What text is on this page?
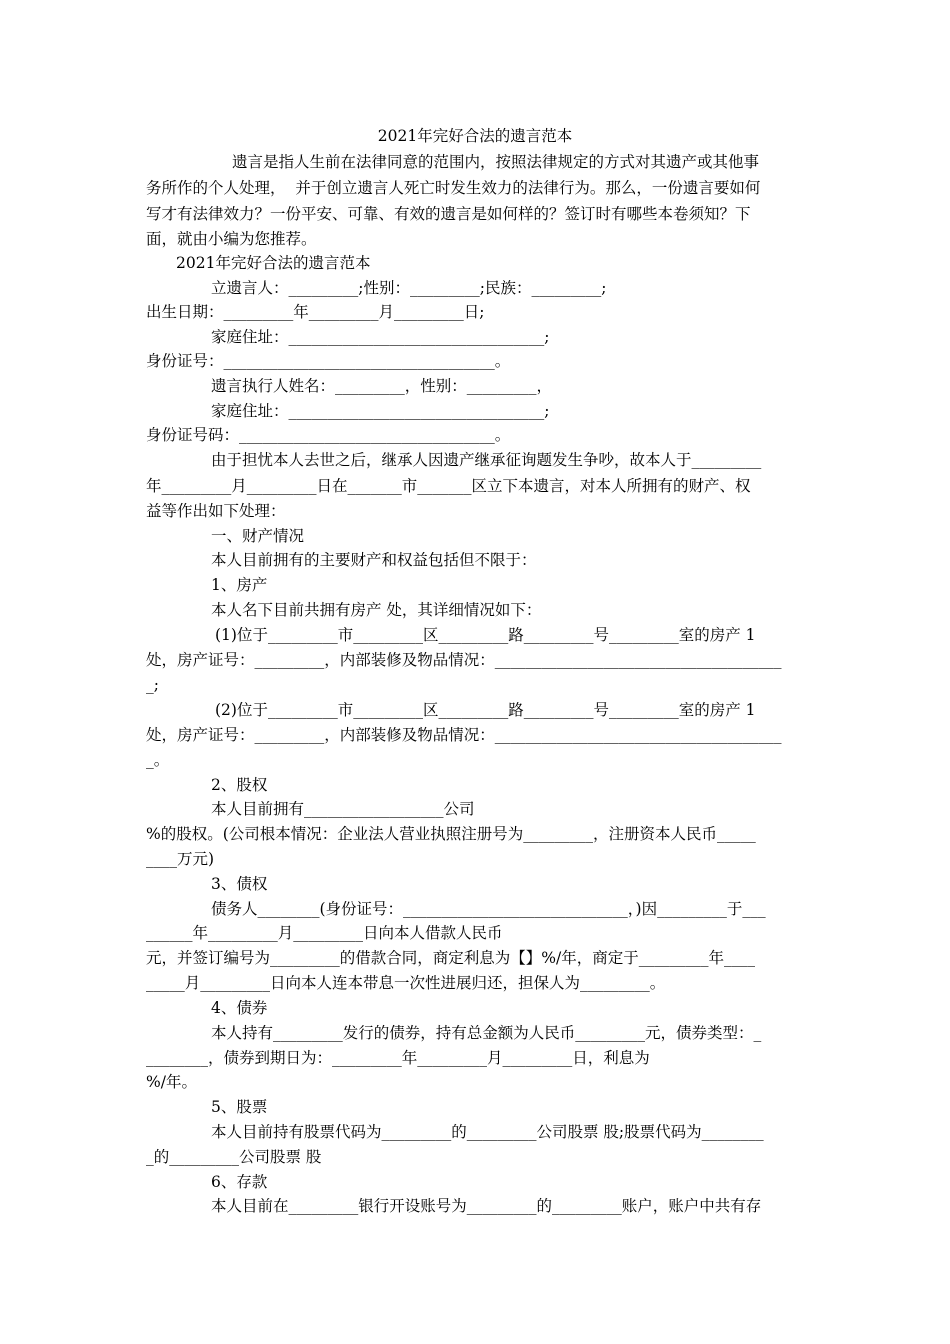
2021年完好合法的遗言范本
遗言是指人生前在法律同意的范围内，按照法律规定的方式对其遗产或其他事
务所作的个人处理，  并于创立遗言人死亡时发生效力的法律行为。那么，一份遗言要如何
写才有法律效力？一份平安、可靠、有效的遗言是如何样的？签订时有哪些本卷须知？下
面，就由小编为您推荐。
2021年完好合法的遗言范本
立遗言人：_________;性别：_________;民族：_________;
出生日期：_________年_________月_________日;
家庭住址：_________________________________;
身份证号：___________________________________。
遗言执行人姓名：_________，性别：_________，
家庭住址：_________________________________;
身份证号码：_________________________________。
由于担忧本人去世之后，继承人因遗产继承征询题发生争吵，故本人于_________
年_________月_________日在_______市_______区立下本遗言，对本人所拥有的财产、权
益等作出如下处理：
一、财产情况
本人目前拥有的主要财产和权益包括但不限于：
1、房产
本人名下目前共拥有房产 处，其详细情况如下：
(1)位于_________市_________区_________路_________号_________室的房产 1
处，房产证号：_________，内部装修及物品情况：_____________________________________
_;
(2)位于_________市_________区_________路_________号_________室的房产 1
处，房产证号：_________，内部装修及物品情况：_____________________________________
_。
2、股权
本人目前拥有__________________公司
%的股权。(公司根本情况：企业法人营业执照注册号为_________，注册资本人民币_____
____万元)
3、债权
债务人________(身份证号：_____________________________，)因_________于___
______年_________月_________日向本人借款人民币
元，并签订编号为_________的借款合同，商定利息为【】%/年，商定于_________年____
_____月_________日向本人连本带息一次性进展归还，担保人为_________。
4、债券
本人持有_________发行的债券，持有总金额为人民币_________元，债券类型：_
________，债券到期日为：_________年_________月_________日，利息为
%/年。
5、股票
本人目前持有股票代码为_________的_________公司股票 股;股票代码为________
_的_________公司股票 股
6、存款
本人目前在_________银行开设账号为_________的_________账户，账户中共有存
